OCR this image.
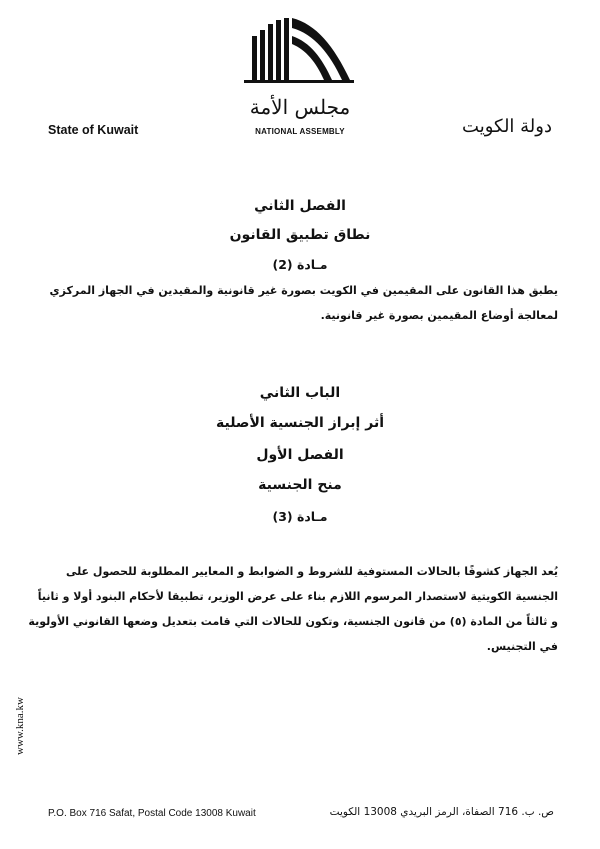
مجلس الأمة
NATIONAL ASSEMBLY
State of Kuwait	دولة الكويت
الفصل الثاني
نطاق تطبيق القانون
مـادة (2)
يطبق هذا القانون على المقيمين في الكويت بصورة غير قانونية والمقيدين في الجهاز المركزي
لمعالجة أوضاع المقيمين بصورة غير قانونية.
الباب الثاني
أثر إبراز الجنسية الأصلية
الفصل الأول
منح الجنسية
مـادة (3)
يُعد الجهاز كشوفًا بالحالات المستوفية للشروط و الضوابط و المعايير المطلوبة للحصول على
الجنسية الكويتية لاستصدار المرسوم اللازم بناء على عرض الوزير، تطبيقا لأحكام البنود أولا و ثانياً
و ثالثاً من المادة (٥) من قانون الجنسية، وتكون للحالات التي قامت بتعديل وضعها القانوني الأولوية
في التجنيس.
www.kna.kw
P.O. Box 716 Safat, Postal Code 13008 Kuwait	ص. ب. 716 الصفاة، الرمز البريدي 13008 الكويت
